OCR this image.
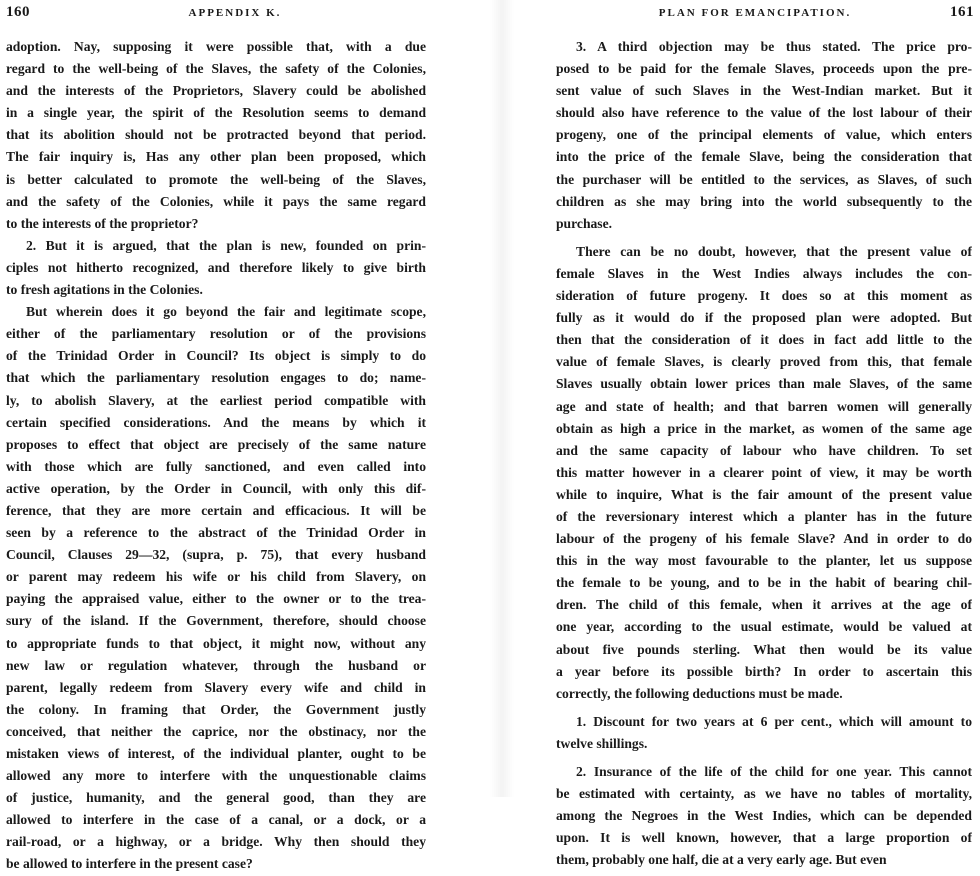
160	APPENDIX K.
adoption. Nay, supposing it were possible that, with a due
regard to the well-being of the Slaves, the safety of the Colonies,
and the interests of the Proprietors, Slavery could be abolished
in a single year, the spirit of the Resolution seems to demand
that its abolition should not be protracted beyond that period.
The fair inquiry is, Has any other plan been proposed, which
is better calculated to promote the well-being of the Slaves,
and the safety of the Colonies, while it pays the same regard
to the interests of the proprietor?
2. But it is argued, that the plan is new, founded on prin-
ciples not hitherto recognized, and therefore likely to give birth
to fresh agitations in the Colonies.
But wherein does it go beyond the fair and legitimate scope,
either of the parliamentary resolution or of the provisions
of the Trinidad Order in Council? Its object is simply to do
that which the parliamentary resolution engages to do; name-
ly, to abolish Slavery, at the earliest period compatible with
certain specified considerations. And the means by which it
proposes to effect that object are precisely of the same nature
with those which are fully sanctioned, and even called into
active operation, by the Order in Council, with only this dif-
ference, that they are more certain and efficacious. It will be
seen by a reference to the abstract of the Trinidad Order in
Council, Clauses 29—32, (supra, p. 75), that every husband
or parent may redeem his wife or his child from Slavery, on
paying the appraised value, either to the owner or to the trea-
sury of the island. If the Government, therefore, should choose
to appropriate funds to that object, it might now, without any
new law or regulation whatever, through the husband or
parent, legally redeem from Slavery every wife and child in
the colony. In framing that Order, the Government justly
conceived, that neither the caprice, nor the obstinacy, nor the
mistaken views of interest, of the individual planter, ought to be
allowed any more to interfere with the unquestionable claims
of justice, humanity, and the general good, than they are
allowed to interfere in the case of a canal, or a dock, or a
rail-road, or a highway, or a bridge. Why then should they
be allowed to interfere in the present case?
PLAN FOR EMANCIPATION.	161
3. A third objection may be thus stated. The price pro-
posed to be paid for the female Slaves, proceeds upon the pre-
sent value of such Slaves in the West-Indian market. But it
should also have reference to the value of the lost labour of their
progeny, one of the principal elements of value, which enters
into the price of the female Slave, being the consideration that
the purchaser will be entitled to the services, as Slaves, of such
children as she may bring into the world subsequently to the
purchase.
There can be no doubt, however, that the present value of
female Slaves in the West Indies always includes the con-
sideration of future progeny. It does so at this moment as
fully as it would do if the proposed plan were adopted. But
then that the consideration of it does in fact add little to the
value of female Slaves, is clearly proved from this, that female
Slaves usually obtain lower prices than male Slaves, of the same
age and state of health; and that barren women will generally
obtain as high a price in the market, as women of the same age
and the same capacity of labour who have children. To set
this matter however in a clearer point of view, it may be worth
while to inquire, What is the fair amount of the present value
of the reversionary interest which a planter has in the future
labour of the progeny of his female Slave? And in order to do
this in the way most favourable to the planter, let us suppose
the female to be young, and to be in the habit of bearing chil-
dren. The child of this female, when it arrives at the age of
one year, according to the usual estimate, would be valued at
about five pounds sterling. What then would be its value
a year before its possible birth? In order to ascertain this
correctly, the following deductions must be made.
1. Discount for two years at 6 per cent., which will amount to
twelve shillings.
2. Insurance of the life of the child for one year. This cannot
be estimated with certainty, as we have no tables of mortality,
among the Negroes in the West Indies, which can be depended
upon. It is well known, however, that a large proportion of
them, probably one half, die at a very early age. But even
